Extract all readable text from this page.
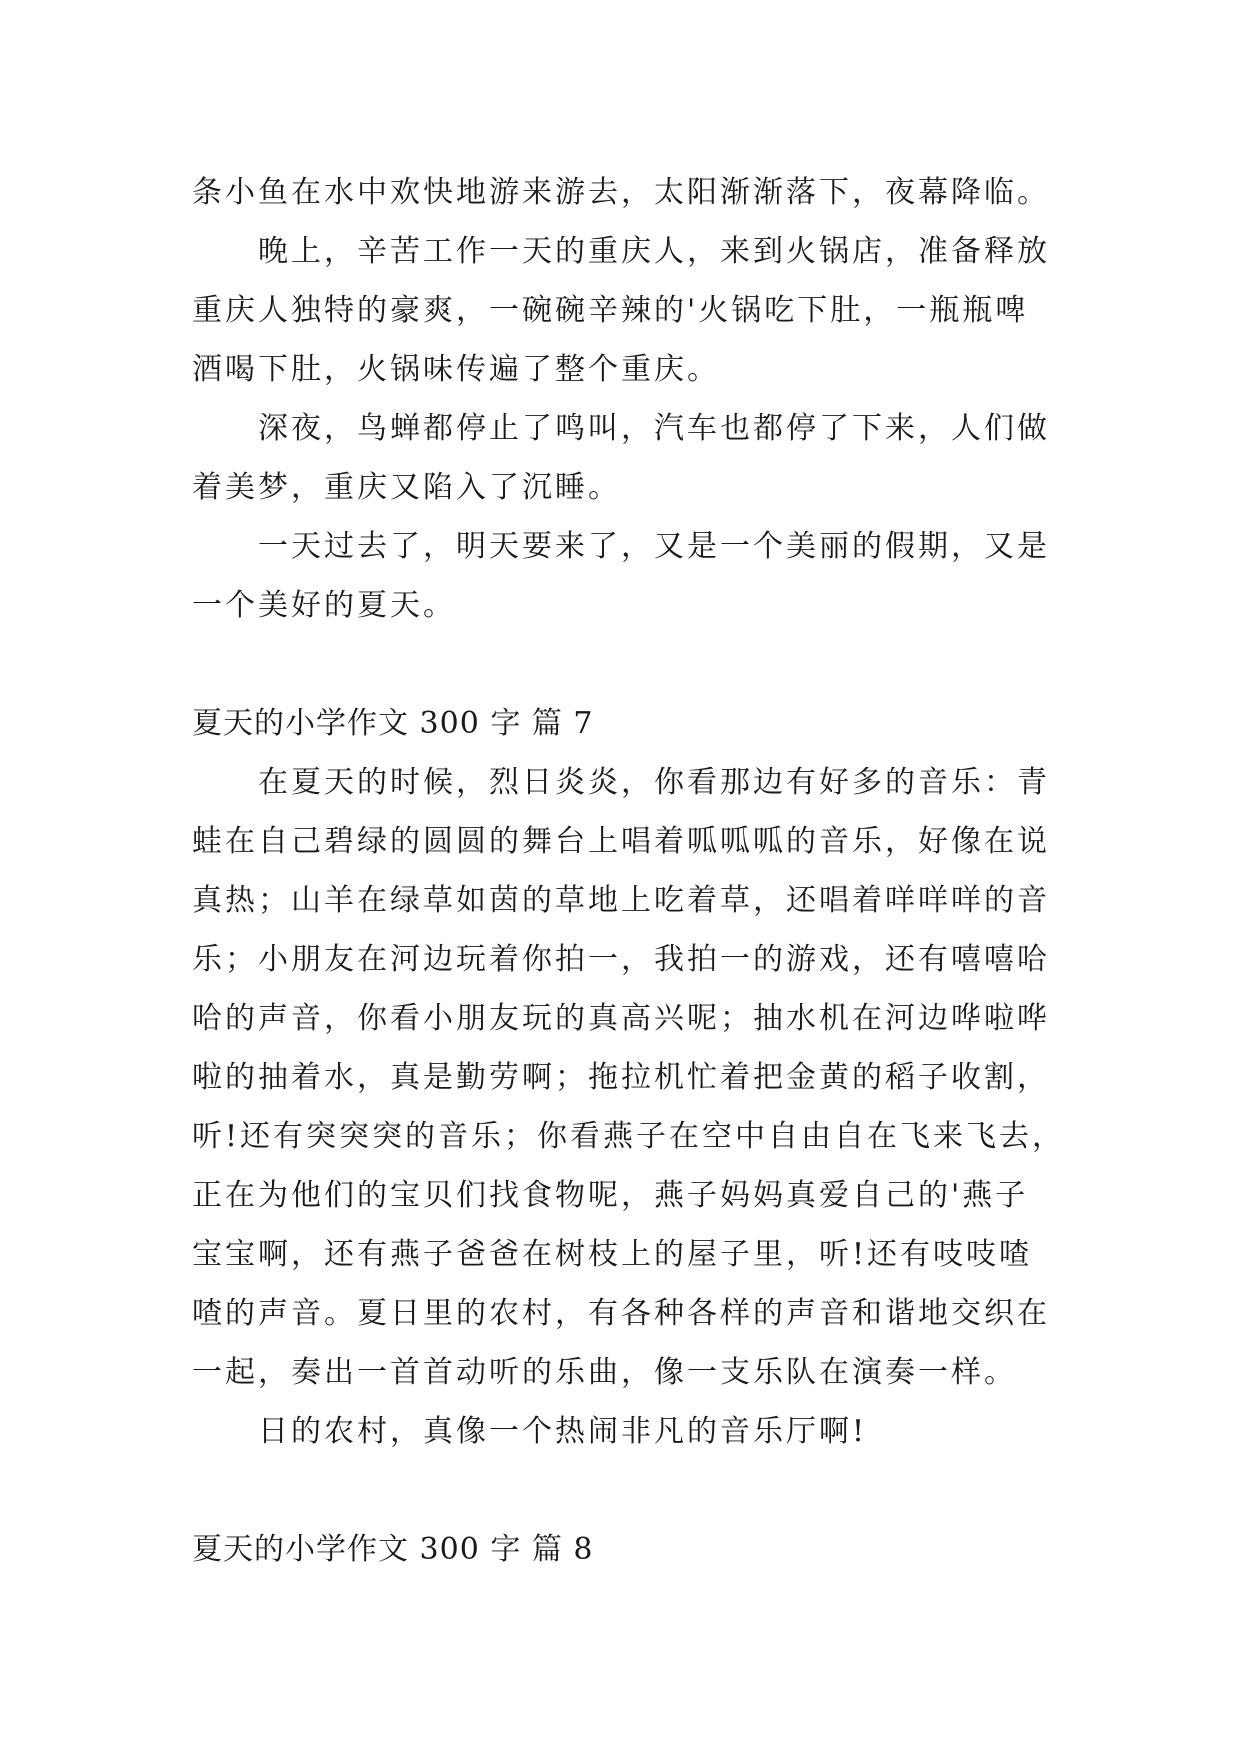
条小鱼在水中欢快地游来游去，太阳渐渐落下，夜幕降临。
晚上，辛苦工作一天的重庆人，来到火锅店，准备释放
重庆人独特的豪爽，一碗碗辛辣的'火锅吃下肚，一瓶瓶啤
酒喝下肚，火锅味传遍了整个重庆。
深夜，鸟蝉都停止了鸣叫，汽车也都停了下来，人们做
着美梦，重庆又陷入了沉睡。
一天过去了，明天要来了，又是一个美丽的假期，又是
一个美好的夏天。
夏天的小学作文 300 字 篇 7
在夏天的时候，烈日炎炎，你看那边有好多的音乐：青
蛙在自己碧绿的圆圆的舞台上唱着呱呱呱的音乐，好像在说
真热；山羊在绿草如茵的草地上吃着草，还唱着咩咩咩的音
乐；小朋友在河边玩着你拍一，我拍一的游戏，还有嘻嘻哈
哈的声音，你看小朋友玩的真高兴呢；抽水机在河边哗啦哗
啦的抽着水，真是勤劳啊；拖拉机忙着把金黄的稻子收割，
听!还有突突突的音乐；你看燕子在空中自由自在飞来飞去，
正在为他们的宝贝们找食物呢，燕子妈妈真爱自己的'燕子
宝宝啊，还有燕子爸爸在树枝上的屋子里，听!还有吱吱喳
喳的声音。夏日里的农村，有各种各样的声音和谐地交织在
一起，奏出一首首动听的乐曲，像一支乐队在演奏一样。
日的农村，真像一个热闹非凡的音乐厅啊!
夏天的小学作文 300 字 篇 8
